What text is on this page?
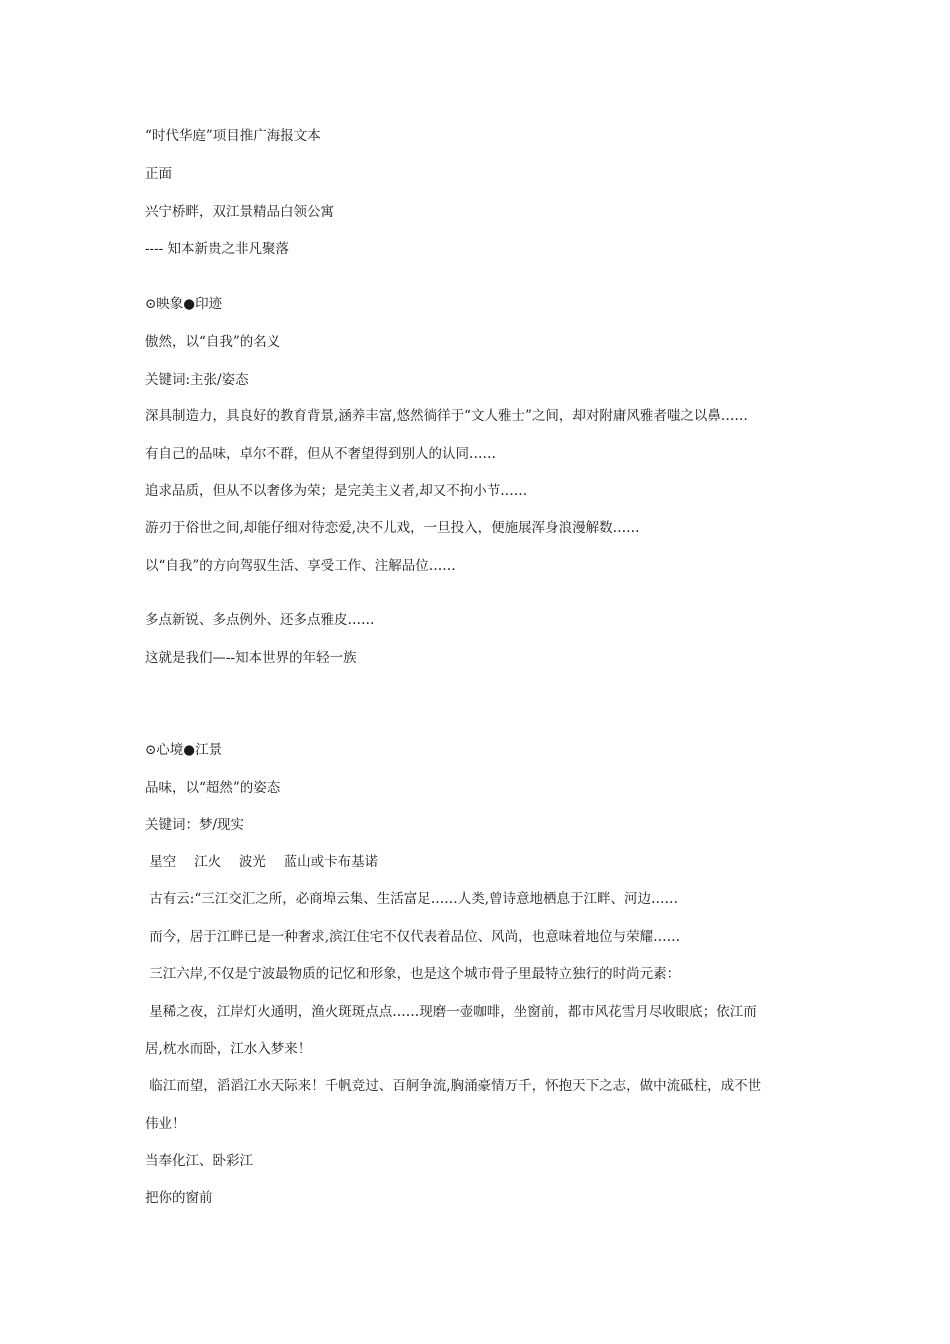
“时代华庭”项目推广海报文本
正面
兴宁桥畔，双江景精品白领公寓
---- 知本新贵之非凡聚落
⊙映象●印迹
傲然，以“自我”的名义
关键词:主张/姿态
深具制造力，具良好的教育背景,涵养丰富,悠然徜徉于“文人雅士”之间，却对附庸风雅者嗤之以鼻……
有自己的品味，卓尔不群，但从不奢望得到别人的认同……
追求品质，但从不以奢侈为荣；是完美主义者,却又不拘小节……
游刃于俗世之间,却能仔细对待恋爱,决不儿戏，一旦投入，便施展浑身浪漫解数……
以“自我”的方向驾驭生活、享受工作、注解品位……
多点新锐、多点例外、还多点雅皮……
这就是我们—--知本世界的年轻一族
⊙心境●江景
品味，以“超然”的姿态
关键词：梦/现实
星空　 江火　 波光　 蓝山或卡布基诺
古有云:“三江交汇之所，必商埠云集、生活富足……人类,曾诗意地栖息于江畔、河边……
而今，居于江畔已是一种奢求,滨江住宅不仅代表着品位、风尚，也意味着地位与荣耀……
三江六岸,不仅是宁波最物质的记忆和形象，也是这个城市骨子里最特立独行的时尚元素：
星稀之夜，江岸灯火通明，渔火斑斑点点……现磨一壶咖啡，坐窗前，都市风花雪月尽收眼底；依江而
居,枕水而卧，江水入梦来！
临江而望，滔滔江水天际来！千帆竞过、百舸争流,胸涌豪情万千，怀抱天下之志，做中流砥柱，成不世
伟业！
当奉化江、卧彩江
把你的窗前
